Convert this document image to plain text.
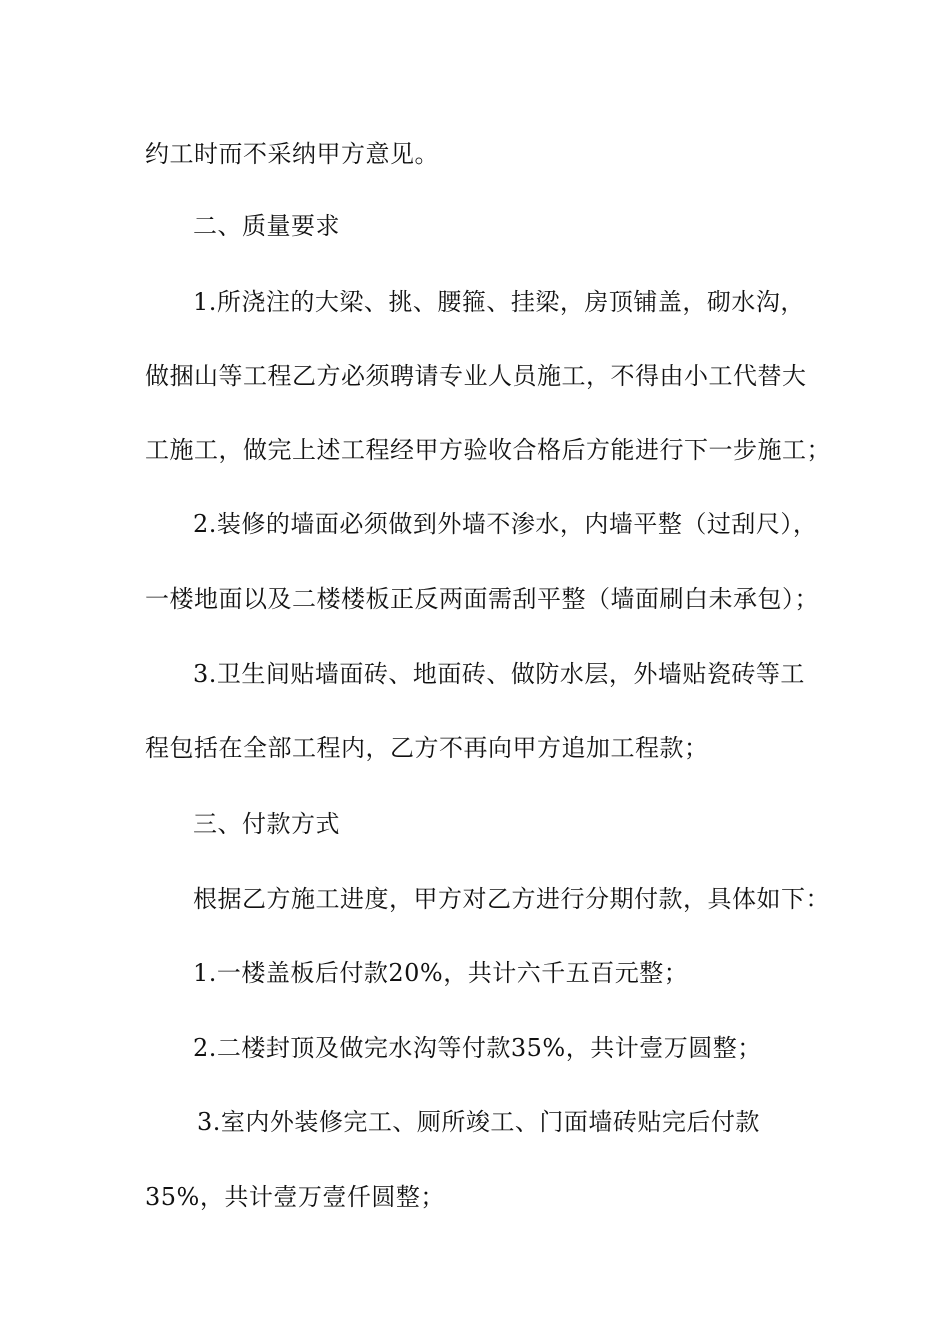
约工时而不采纳甲方意见。
二、质量要求
1.所浇注的大梁、挑、腰箍、挂梁，房顶铺盖，砌水沟，
做捆山等工程乙方必须聘请专业人员施工，不得由小工代替大
工施工，做完上述工程经甲方验收合格后方能进行下一步施工；
2.装修的墙面必须做到外墙不渗水，内墙平整（过刮尺），
一楼地面以及二楼楼板正反两面需刮平整（墙面刷白未承包）；
3.卫生间贴墙面砖、地面砖、做防水层，外墙贴瓷砖等工
程包括在全部工程内，乙方不再向甲方追加工程款；
三、付款方式
根据乙方施工进度，甲方对乙方进行分期付款，具体如下：
1.一楼盖板后付款20%，共计六千五百元整；
2.二楼封顶及做完水沟等付款35%，共计壹万圆整；
3.室内外装修完工、厕所竣工、门面墙砖贴完后付款
35%，共计壹万壹仟圆整；
